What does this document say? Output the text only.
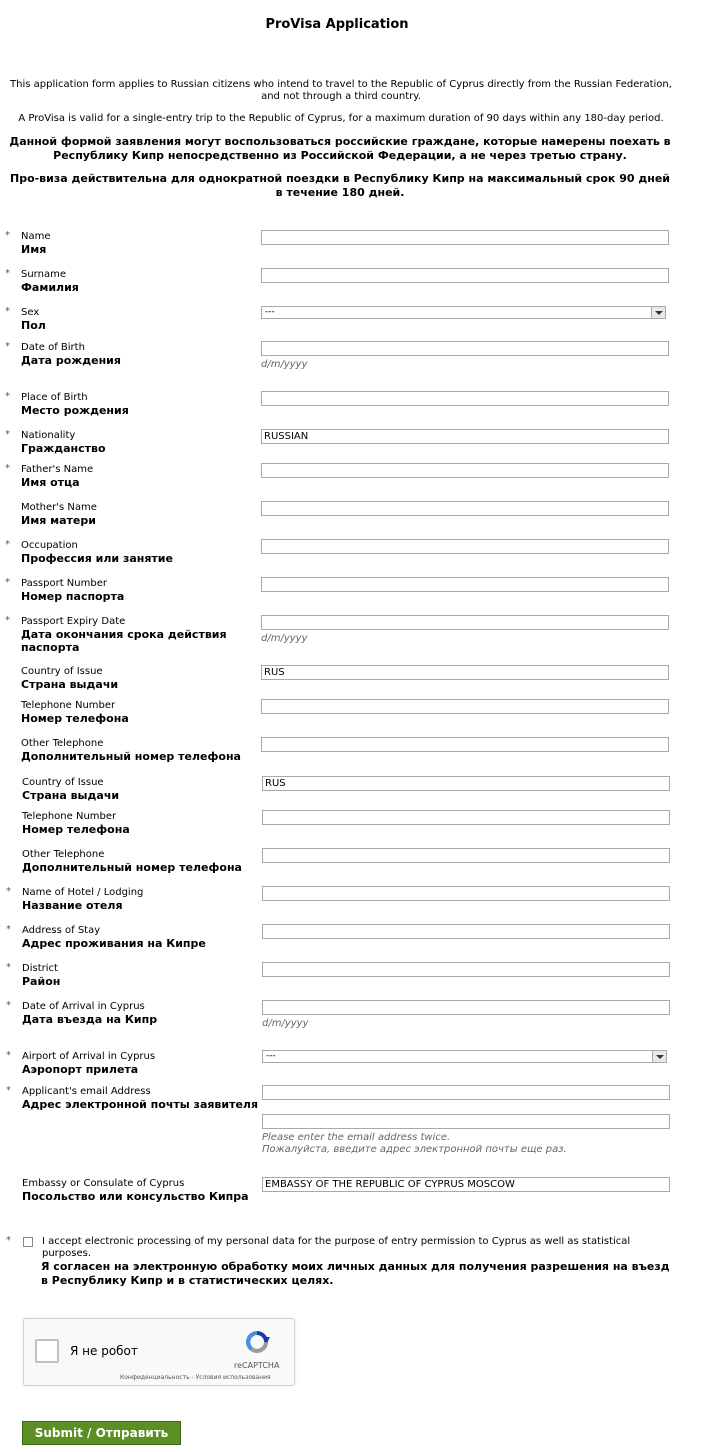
ProVisa Application
This application form applies to Russian citizens who intend to travel to the Republic of Cyprus directly from the Russian Federation, and not through a third country.
A ProVisa is valid for a single-entry trip to the Republic of Cyprus, for a maximum duration of 90 days within any 180-day period.
Данной формой заявления могут воспользоваться российские граждане, которые намерены поехать в Республику Кипр непосредственно из Российской Федерации, а не через третью страну.
Про-виза действительна для однократной поездки в Республику Кипр на максимальный срок 90 дней в течение 180 дней.
* Name
Имя
* Surname
Фамилия
* Sex
Пол
---
* Date of Birth
Дата рождения	d/m/yyyy
* Place of Birth
Место рождения
* Nationality
Гражданство
RUSSIAN
* Father's Name
Имя отца
Mother's Name
Имя матери
* Occupation
Профессия или занятие
* Passport Number
Номер паспорта
* Passport Expiry Date
Дата окончания срока действия паспорта
d/m/yyyy
Country of Issue
Страна выдачи
RUS
Telephone Number
Номер телефона
Other Telephone
Дополнительный номер телефона
Country of Issue
Страна выдачи
RUS
Telephone Number
Номер телефона
Other Telephone
Дополнительный номер телефона
* Name of Hotel / Lodging
Название отеля
* Address of Stay
Адрес проживания на Кипре
* District
Район
* Date of Arrival in Cyprus
Дата въезда на Кипр	d/m/yyyy
* Airport of Arrival in Cyprus
Аэропорт прилета
---
* Applicant's email Address
Адрес электронной почты заявителя
Please enter the email address twice.
Пожалуйста, введите адрес электронной почты еще раз.
Embassy or Consulate of Cyprus
Посольство или консульство Кипра
EMBASSY OF THE REPUBLIC OF CYPRUS MOSCOW
*	I accept electronic processing of my personal data for the purpose of entry permission to Cyprus as well as statistical purposes.
Я согласен на электронную обработку моих личных данных для получения разрешения на въезд в Республику Кипр и в статистических целях.
Я не робот
reCAPTCHA
Конфиденциальность - Условия использования
Submit / Отправить
